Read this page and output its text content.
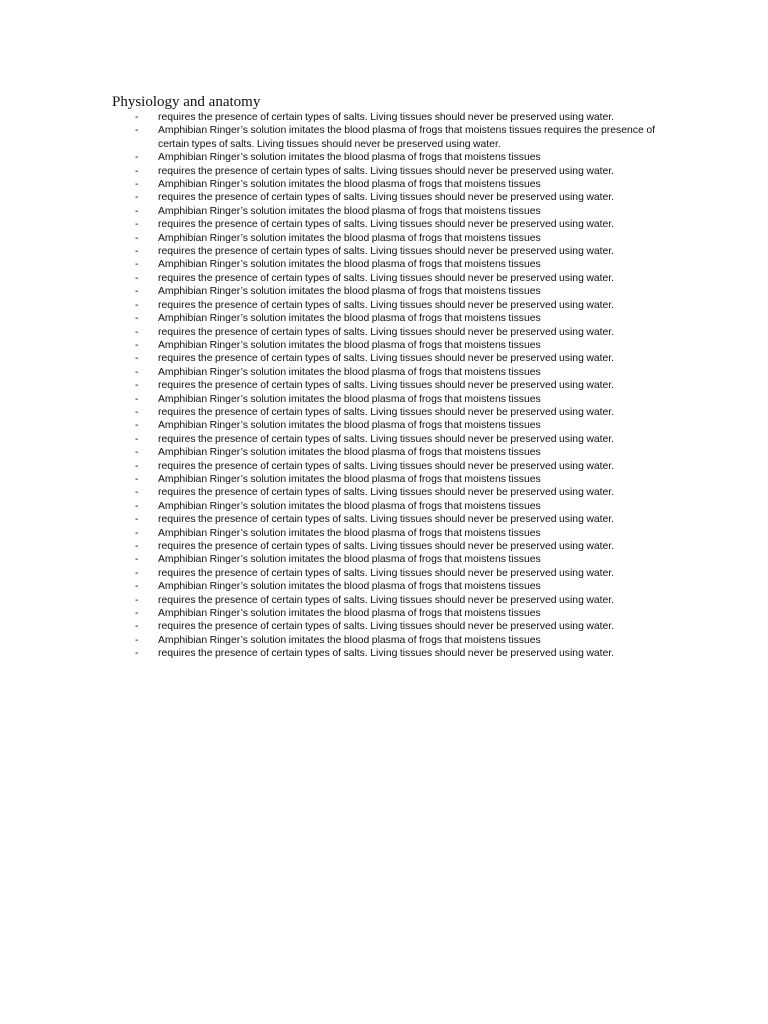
Physiology and anatomy
-	requires the presence of certain types of salts. Living tissues should never be preserved using water.
-	Amphibian Ringer’s solution imitates the blood plasma of frogs that moistens tissues requires the presence of certain types of salts. Living tissues should never be preserved using water.
-	Amphibian Ringer’s solution imitates the blood plasma of frogs that moistens tissues
-	requires the presence of certain types of salts. Living tissues should never be preserved using water.
-	Amphibian Ringer’s solution imitates the blood plasma of frogs that moistens tissues
-	requires the presence of certain types of salts. Living tissues should never be preserved using water.
-	Amphibian Ringer’s solution imitates the blood plasma of frogs that moistens tissues
-	requires the presence of certain types of salts. Living tissues should never be preserved using water.
-	Amphibian Ringer’s solution imitates the blood plasma of frogs that moistens tissues
-	requires the presence of certain types of salts. Living tissues should never be preserved using water.
-	Amphibian Ringer’s solution imitates the blood plasma of frogs that moistens tissues
-	requires the presence of certain types of salts. Living tissues should never be preserved using water.
-	Amphibian Ringer’s solution imitates the blood plasma of frogs that moistens tissues
-	requires the presence of certain types of salts. Living tissues should never be preserved using water.
-	Amphibian Ringer’s solution imitates the blood plasma of frogs that moistens tissues
-	requires the presence of certain types of salts. Living tissues should never be preserved using water.
-	Amphibian Ringer’s solution imitates the blood plasma of frogs that moistens tissues
-	requires the presence of certain types of salts. Living tissues should never be preserved using water.
-	Amphibian Ringer’s solution imitates the blood plasma of frogs that moistens tissues
-	requires the presence of certain types of salts. Living tissues should never be preserved using water.
-	Amphibian Ringer’s solution imitates the blood plasma of frogs that moistens tissues
-	requires the presence of certain types of salts. Living tissues should never be preserved using water.
-	Amphibian Ringer’s solution imitates the blood plasma of frogs that moistens tissues
-	requires the presence of certain types of salts. Living tissues should never be preserved using water.
-	Amphibian Ringer’s solution imitates the blood plasma of frogs that moistens tissues
-	requires the presence of certain types of salts. Living tissues should never be preserved using water.
-	Amphibian Ringer’s solution imitates the blood plasma of frogs that moistens tissues
-	requires the presence of certain types of salts. Living tissues should never be preserved using water.
-	Amphibian Ringer’s solution imitates the blood plasma of frogs that moistens tissues
-	requires the presence of certain types of salts. Living tissues should never be preserved using water.
-	Amphibian Ringer’s solution imitates the blood plasma of frogs that moistens tissues
-	requires the presence of certain types of salts. Living tissues should never be preserved using water.
-	Amphibian Ringer’s solution imitates the blood plasma of frogs that moistens tissues
-	requires the presence of certain types of salts. Living tissues should never be preserved using water.
-	Amphibian Ringer’s solution imitates the blood plasma of frogs that moistens tissues
-	requires the presence of certain types of salts. Living tissues should never be preserved using water.
-	Amphibian Ringer’s solution imitates the blood plasma of frogs that moistens tissues
-	requires the presence of certain types of salts. Living tissues should never be preserved using water.
-	Amphibian Ringer’s solution imitates the blood plasma of frogs that moistens tissues
-	requires the presence of certain types of salts. Living tissues should never be preserved using water.
